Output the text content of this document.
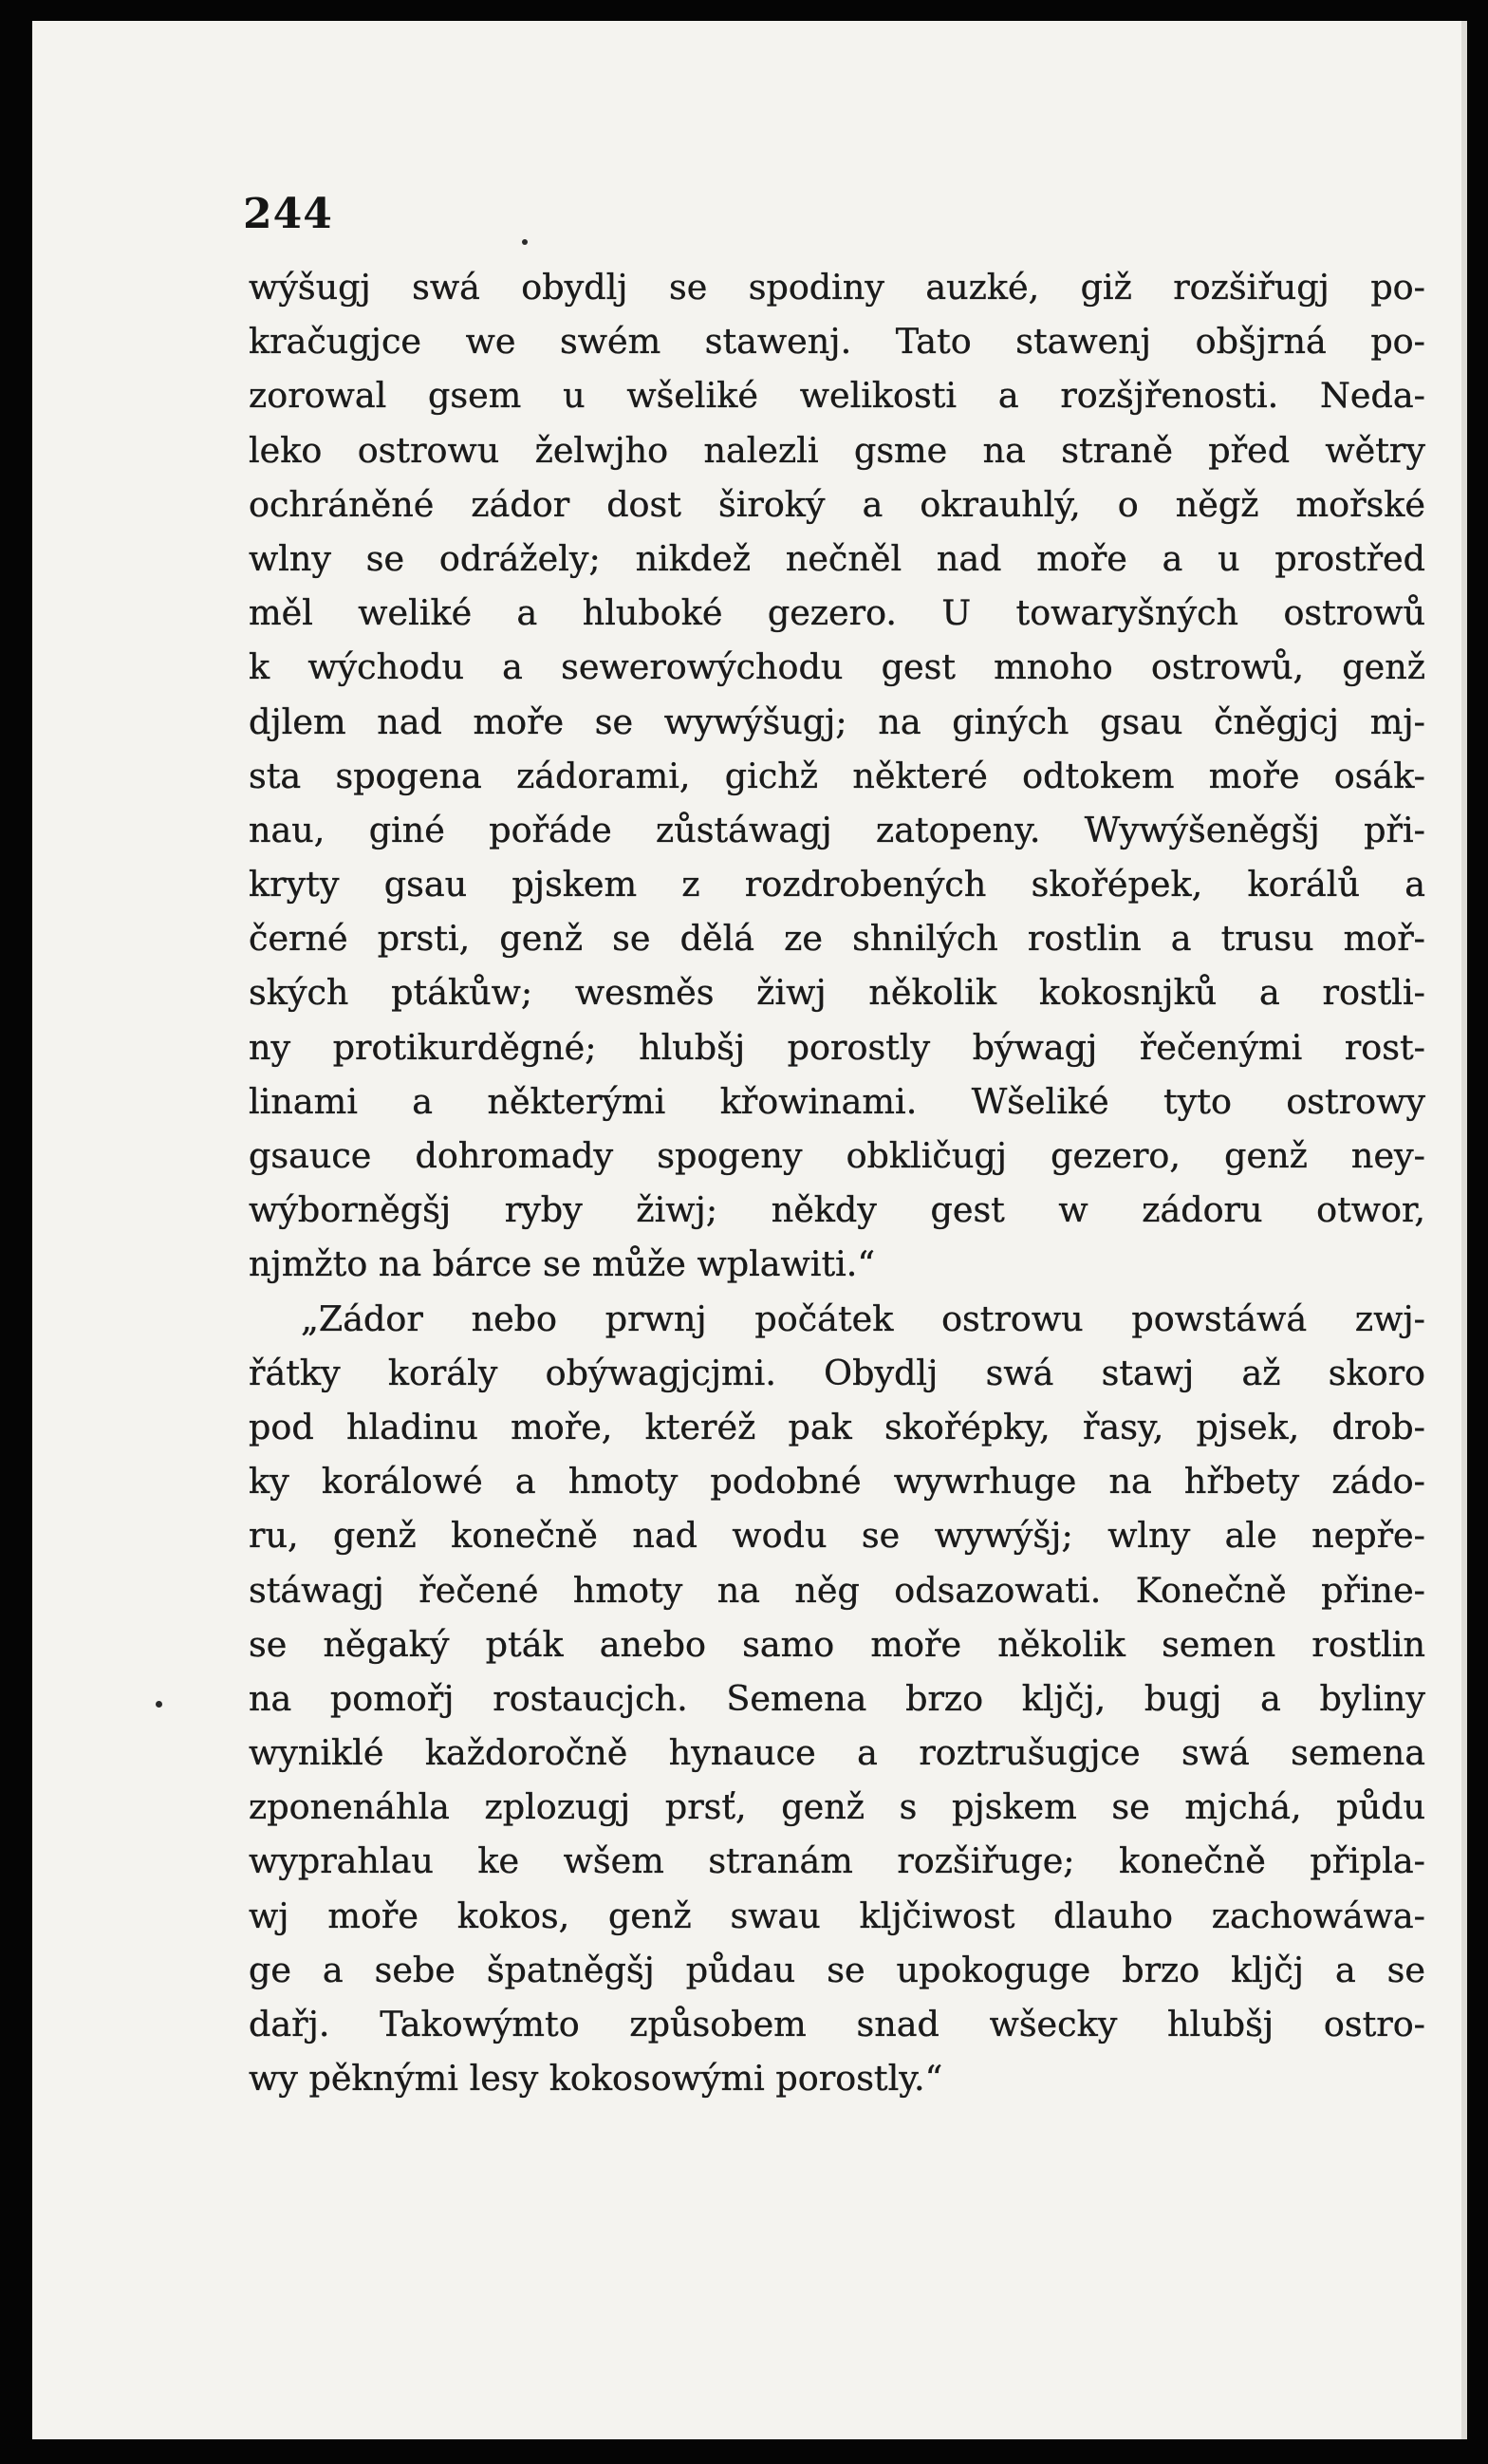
244
wýšugj swá obydlj se spodiny auzké, giž rozšiřugj po-
kračugjce we swém stawenj. Tato stawenj obšjrná po-
zorowal gsem u wšeliké welikosti a rozšjřenosti. Neda-
leko ostrowu želwjho nalezli gsme na straně před wětry
ochráněné zádor dost široký a okrauhlý, o něgž mořské
wlny se odrážely; nikdež nečněl nad moře a u prostřed
měl weliké a hluboké gezero. U towaryšných ostrowů
k wýchodu a sewerowýchodu gest mnoho ostrowů, genž
djlem nad moře se wywýšugj; na giných gsau čněgjcj mj-
sta spogena zádorami, gichž některé odtokem moře osák-
nau, giné pořáde zůstáwagj zatopeny. Wywýšeněgšj při-
kryty gsau pjskem z rozdrobených skořépek, korálů a
černé prsti, genž se dělá ze shnilých rostlin a trusu moř-
ských ptákůw; wesměs žiwj několik kokosnjků a rostli-
ny protikurděgné; hlubšj porostly býwagj řečenými rost-
linami a některými křowinami. Wšeliké tyto ostrowy
gsauce dohromady spogeny obkličugj gezero, genž ney-
wýborněgšj ryby žiwj; někdy gest w zádoru otwor,
njmžto na bárce se může wplawiti.“
„Zádor nebo prwnj počátek ostrowu powstáwá zwj-
řátky korály obýwagjcjmi. Obydlj swá stawj až skoro
pod hladinu moře, kteréž pak skořépky, řasy, pjsek, drob-
ky korálowé a hmoty podobné wywrhuge na hřbety zádo-
ru, genž konečně nad wodu se wywýšj; wlny ale nepře-
stáwagj řečené hmoty na něg odsazowati. Konečně přine-
se něgaký pták anebo samo moře několik semen rostlin
na pomořj rostaucjch. Semena brzo kljčj, bugj a byliny
wyniklé každoročně hynauce a roztrušugjce swá semena
zponenáhla zplozugj prsť, genž s pjskem se mjchá, půdu
wyprahlau ke wšem stranám rozšiřuge; konečně připla-
wj moře kokos, genž swau kljčiwost dlauho zachowáwa-
ge a sebe špatněgšj půdau se upokoguge brzo kljčj a se
dařj. Takowýmto způsobem snad wšecky hlubšj ostro-
wy pěknými lesy kokosowými porostly.“
